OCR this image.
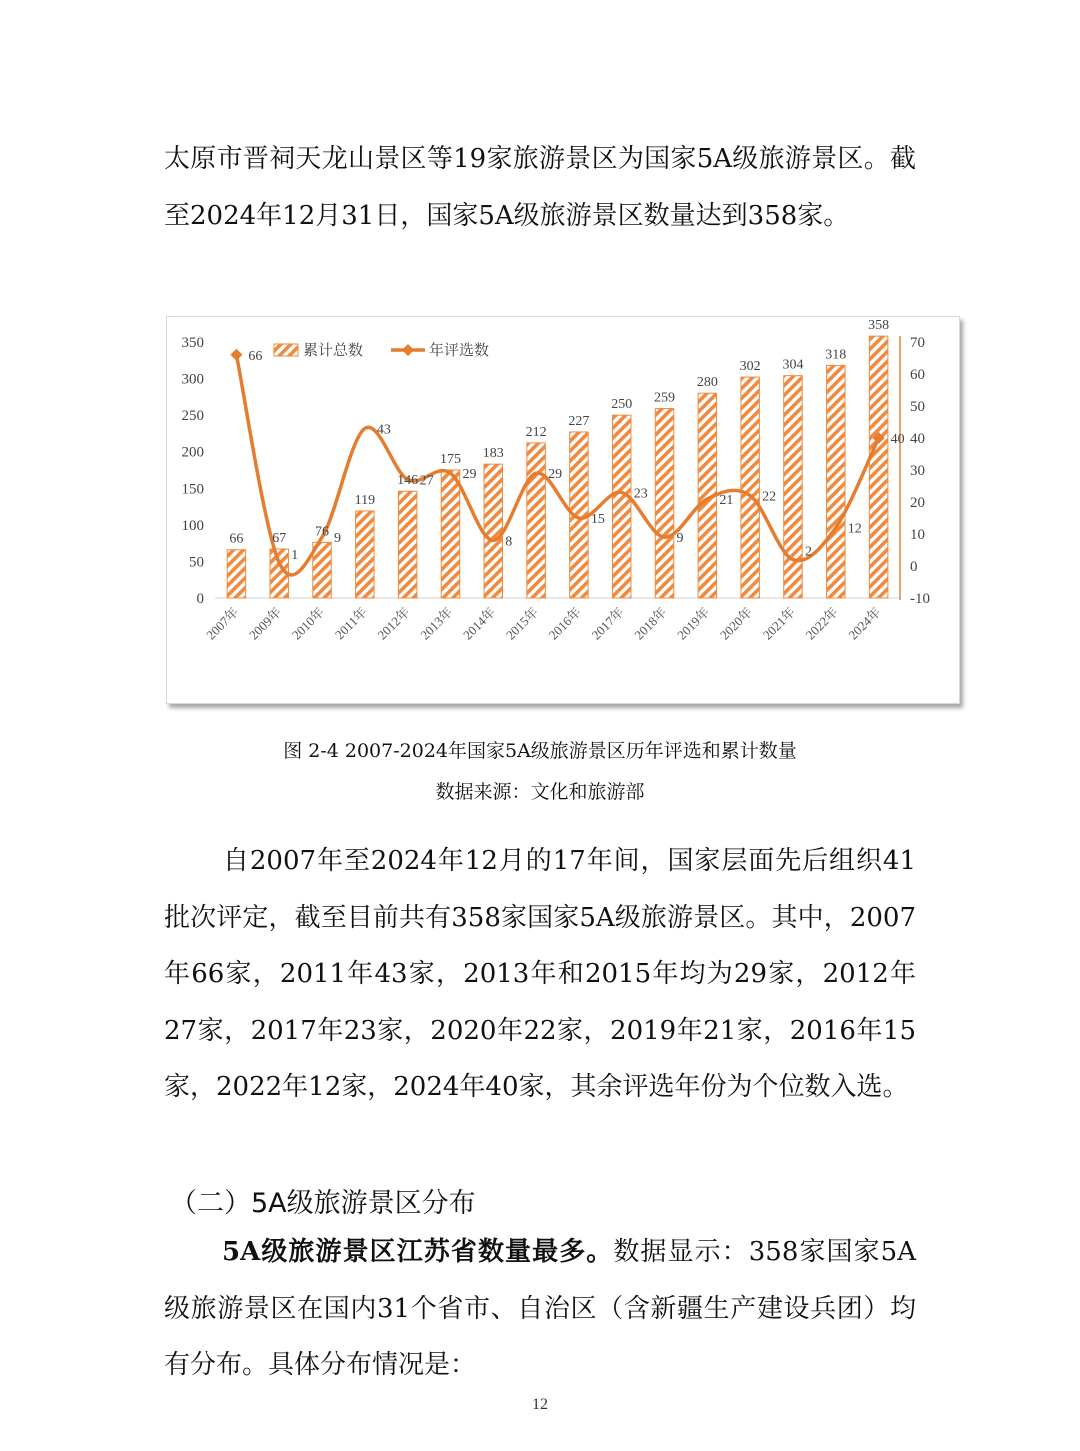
太原市晋祠天龙山景区等19家旅游景区为国家5A级旅游景区。截至2024年12月31日，国家5A级旅游景区数量达到358家。

0
50
100
150
200
250
300
350
-10
0
10
20
30
40
50
60
70
2007年 2009年 2010年 2011年 2012年 2013年 2014年 2015年 2016年 2017年 2018年 2019年 2020年 2021年 2022年 2024年
66 67 76
119
146
175 183
212
227
250 259
280
302 304
318
358
66
1
9
43
27 29
8
29
15
23
9
21 22
2
12
40
累计总数	年评选数

图 2-4 2007-2024年国家5A级旅游景区历年评选和累计数量

数据来源：文化和旅游部

自2007年至2024年12月的17年间，国家层面先后组织41批次评定，截至目前共有358家国家5A级旅游景区。其中，2007年66家，2011年43家，2013年和2015年均为29家，2012年27家，2017年23家，2020年22家，2019年21家，2016年15家，2022年12家，2024年40家，其余评选年份为个位数入选。

（二）5A级旅游景区分布

5A级旅游景区江苏省数量最多。数据显示：358家国家5A级旅游景区在国内31个省市、自治区（含新疆生产建设兵团）均有分布。具体分布情况是：

12
